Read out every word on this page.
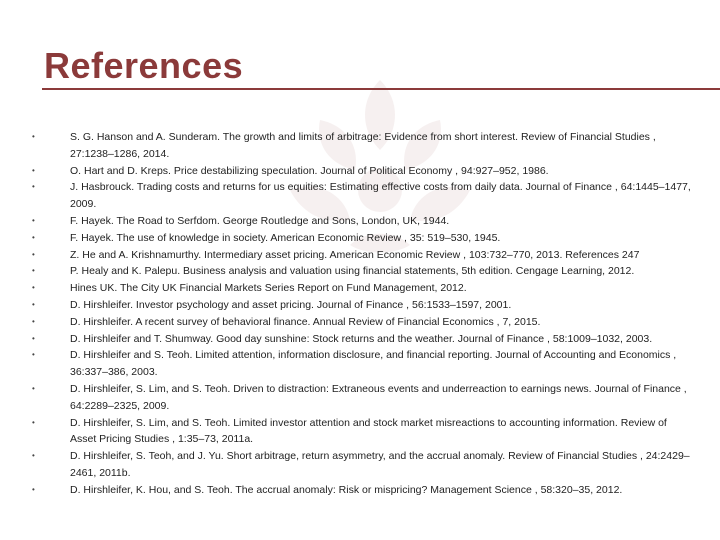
References
•	S. G. Hanson and A. Sunderam. The growth and limits of arbitrage: Evidence from short interest. Review of Financial Studies , 27:1238–1286, 2014.
•	O. Hart and D. Kreps. Price destabilizing speculation. Journal of Political Economy , 94:927–952, 1986.
•	J. Hasbrouck. Trading costs and returns for us equities: Estimating effective costs from daily data. Journal of Finance , 64:1445–1477, 2009.
•	F. Hayek. The Road to Serfdom. George Routledge and Sons, London, UK, 1944.
•	F. Hayek. The use of knowledge in society. American Economic Review , 35: 519–530, 1945.
•	Z. He and A. Krishnamurthy. Intermediary asset pricing. American Economic Review , 103:732–770, 2013. References 247
•	P. Healy and K. Palepu. Business analysis and valuation using financial statements, 5th edition. Cengage Learning, 2012.
•	Hines UK. The City UK Financial Markets Series Report on Fund Management, 2012.
•	D. Hirshleifer. Investor psychology and asset pricing. Journal of Finance , 56:1533–1597, 2001.
•	D. Hirshleifer. A recent survey of behavioral finance. Annual Review of Financial Economics , 7, 2015.
•	D. Hirshleifer and T. Shumway. Good day sunshine: Stock returns and the weather. Journal of Finance , 58:1009–1032, 2003.
•	D. Hirshleifer and S. Teoh. Limited attention, information disclosure, and financial reporting. Journal of Accounting and Economics , 36:337–386, 2003.
•	D. Hirshleifer, S. Lim, and S. Teoh. Driven to distraction: Extraneous events and underreaction to earnings news. Journal of Finance , 64:2289–2325, 2009.
•	D. Hirshleifer, S. Lim, and S. Teoh. Limited investor attention and stock market misreactions to accounting information. Review of Asset Pricing Studies , 1:35–73, 2011a.
•	D. Hirshleifer, S. Teoh, and J. Yu. Short arbitrage, return asymmetry, and the accrual anomaly. Review of Financial Studies , 24:2429–2461, 2011b.
•	D. Hirshleifer, K. Hou, and S. Teoh. The accrual anomaly: Risk or mispricing? Management Science , 58:320–35, 2012.
